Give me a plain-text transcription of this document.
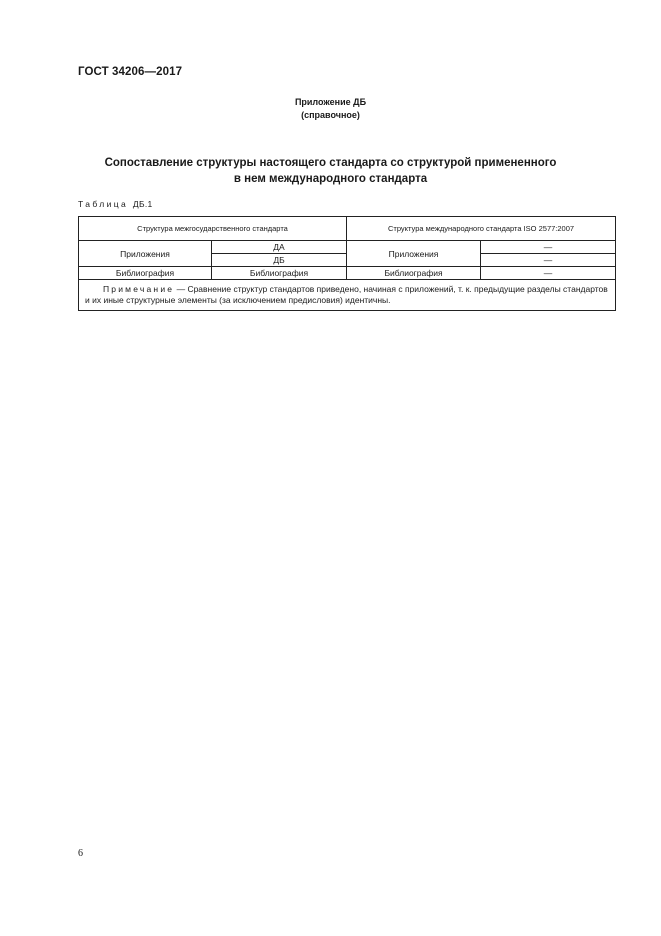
ГОСТ 34206—2017
Приложение ДБ
(справочное)
Сопоставление структуры настоящего стандарта со структурой примененного
в нем международного стандарта
Таблица ДБ.1
Структура межгосударственного стандарта		Структура международного стандарта ISO 2577:2007	
Приложения	ДА	Приложения	—
	ДБ		—
Библиография	Библиография	Библиография	—
Примечание — Сравнение структур стандартов приведено, начиная с приложений, т. к. предыдущие разделы стандартов и их иные структурные элементы (за исключением предисловия) идентичны.			
6
